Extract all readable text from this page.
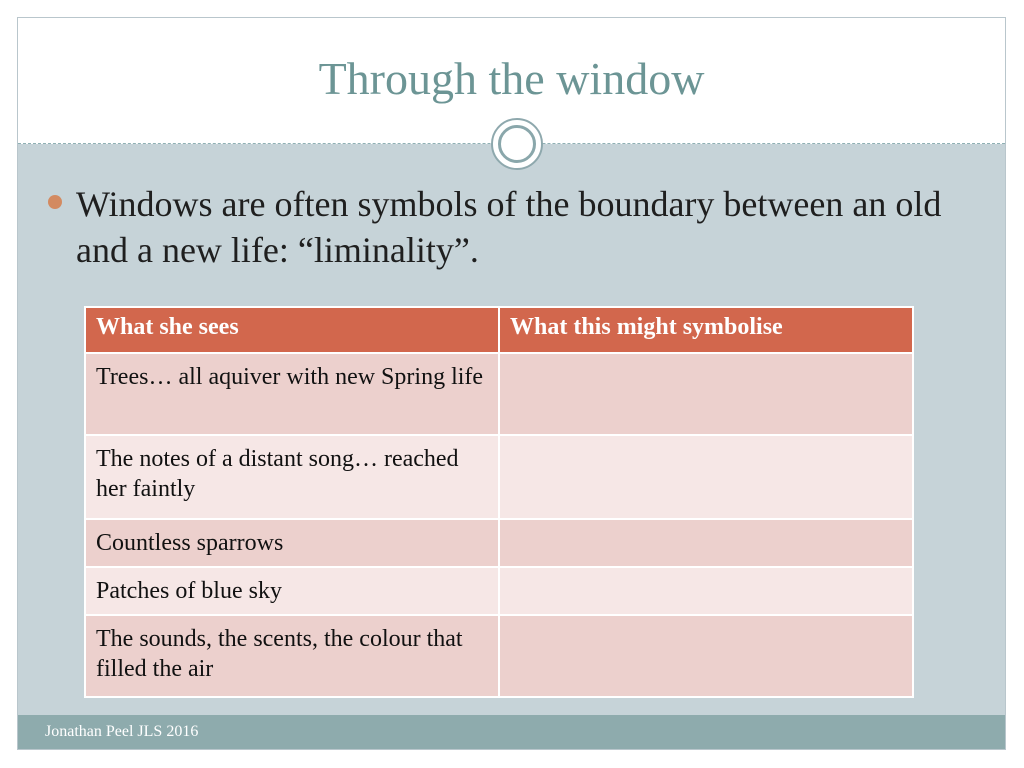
Through the window
Windows are often symbols of the boundary between an old and a new life: “liminality”.
Jonathan Peel JLS 2016
What she sees	What this might symbolise
Trees… all aquiver with new Spring life	
The notes of a distant song… reached her faintly	
Countless sparrows	
Patches of blue sky	
The sounds, the scents, the colour that filled the air	
